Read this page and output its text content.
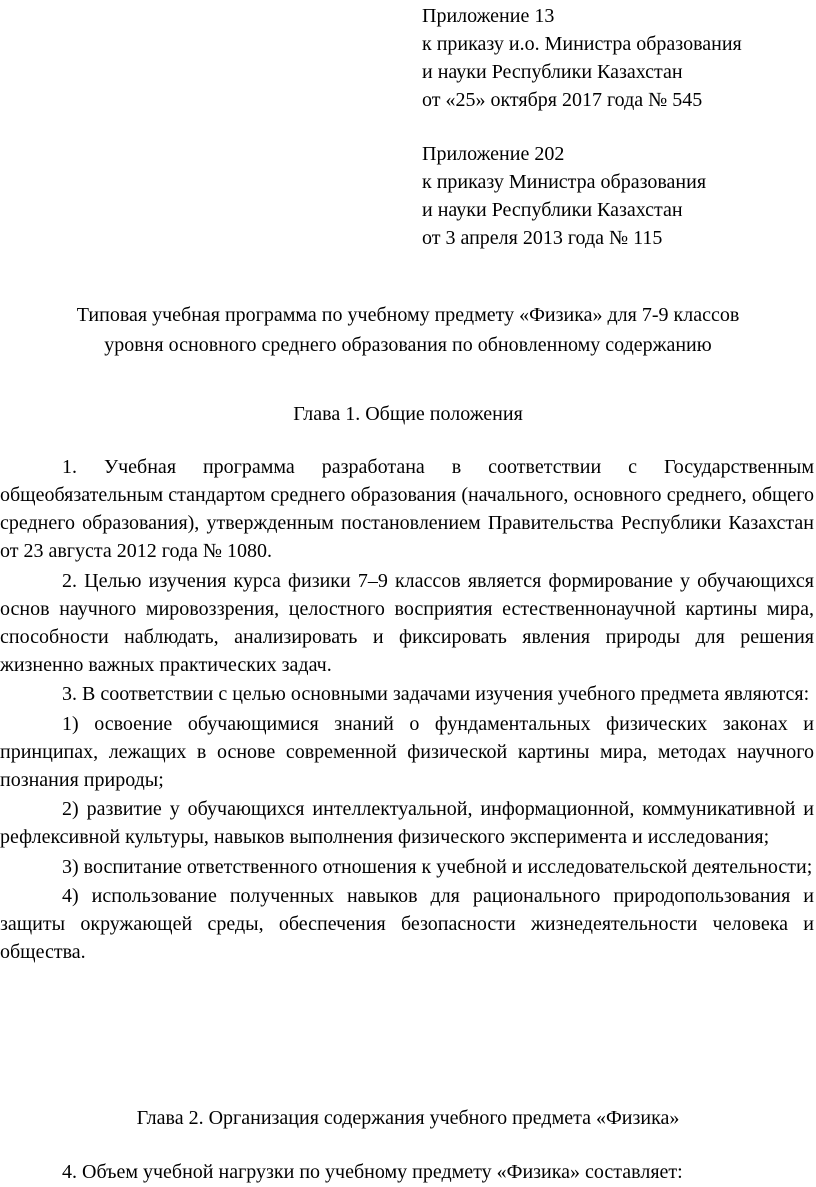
Приложение 13
к приказу и.о. Министра образования
и науки Республики Казахстан
от «25» октября 2017 года № 545
Приложение 202
к приказу Министра образования
и науки Республики Казахстан
от 3 апреля 2013 года № 115
Типовая учебная программа по учебному предмету «Физика» для 7-9 классов
уровня основного среднего образования по обновленному содержанию
Глава 1. Общие положения

1. Учебная программа разработана в соответствии с Государственным общеобязательным стандартом среднего образования (начального, основного среднего, общего среднего образования), утвержденным постановлением Правительства Республики Казахстан от 23 августа 2012 года № 1080.

2. Целью изучения курса физики 7–9 классов является формирование у обучающихся основ научного мировоззрения, целостного восприятия естественнонаучной картины мира, способности наблюдать, анализировать и фиксировать явления природы для решения жизненно важных практических задач.

3. В соответствии с целью основными задачами изучения учебного предмета являются:

1) освоение обучающимися знаний о фундаментальных физических законах и принципах, лежащих в основе современной физической картины мира, методах научного познания природы;

2) развитие у обучающихся интеллектуальной, информационной, коммуникативной и рефлексивной культуры, навыков выполнения физического эксперимента и исследования;

3) воспитание ответственного отношения к учебной и исследовательской деятельности;

4) использование полученных навыков для рационального природопользования и защиты окружающей среды, обеспечения безопасности жизнедеятельности человека и общества.

Глава 2. Организация содержания учебного предмета «Физика»
4. Объем учебной нагрузки по учебному предмету «Физика» составляет:
